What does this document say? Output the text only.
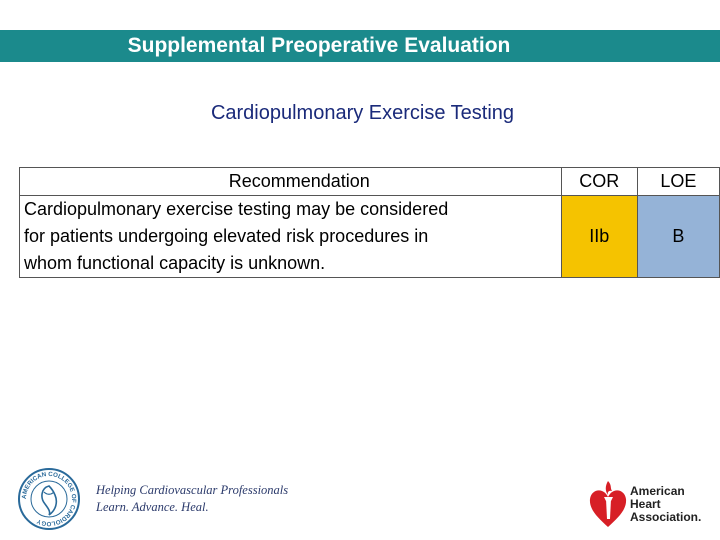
Supplemental Preoperative Evaluation
Cardiopulmonary Exercise Testing
Recommendation	COR	LOE

Cardiopulmonary exercise testing may be considered
for patients undergoing elevated risk procedures in
whom functional capacity is unknown.	IIb	B
AMERICAN COLLEGE OF CARDIOLOGY
Helping Cardiovascular Professionals
Learn. Advance. Heal.
American
Heart
Association.
